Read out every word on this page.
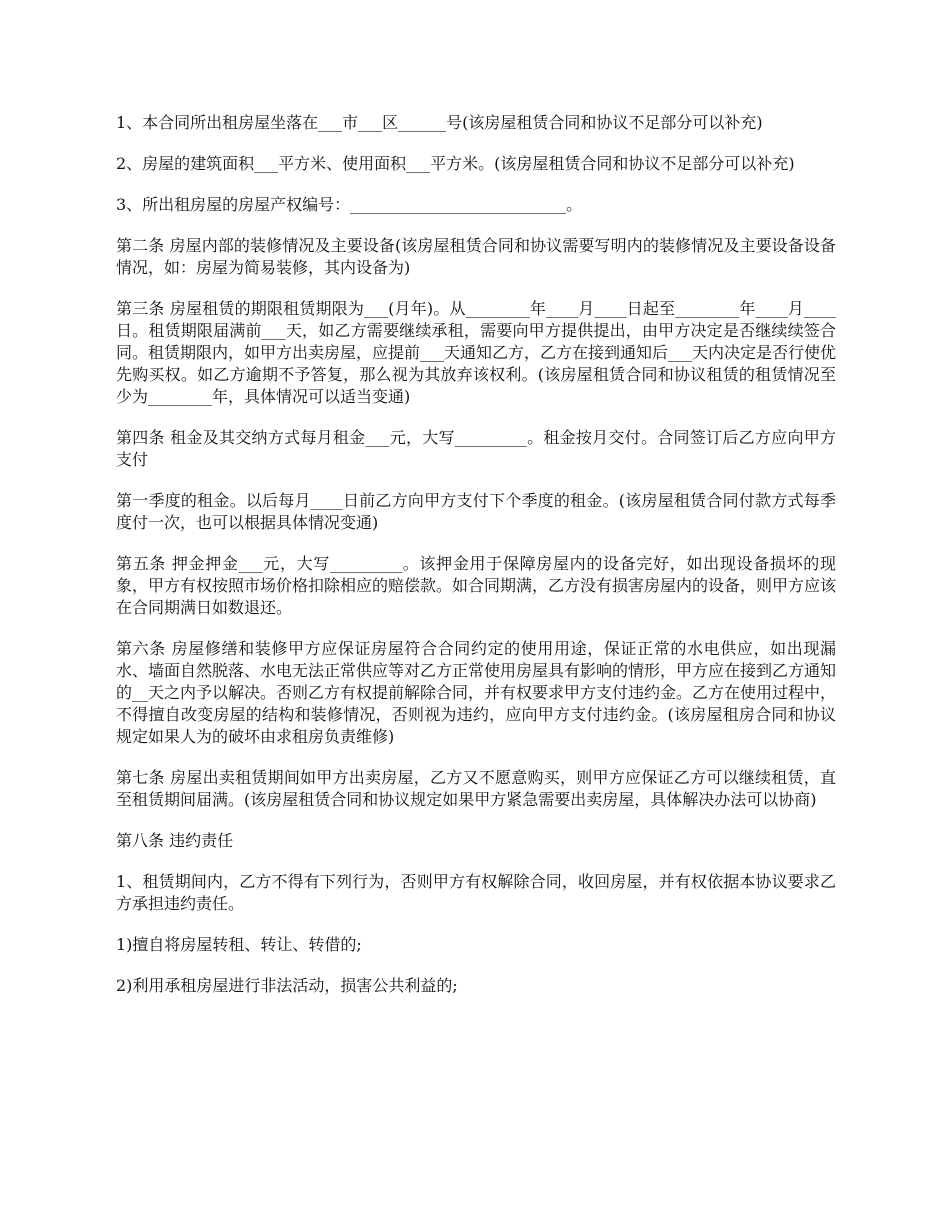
1、本合同所出租房屋坐落在___市___区______号(该房屋租赁合同和协议不足部分可以补充)

2、房屋的建筑面积___平方米、使用面积___平方米。(该房屋租赁合同和协议不足部分可以补充)

3、所出租房屋的房屋产权编号：___________________________。

第二条 房屋内部的装修情况及主要设备(该房屋租赁合同和协议需要写明内的装修情况及主要设备设备情况，如：房屋为简易装修，其内设备为)

第三条 房屋租赁的期限租赁期限为___(月年)。从________年____月____日起至________年____月____日。租赁期限届满前___天，如乙方需要继续承租，需要向甲方提供提出，由甲方决定是否继续续签合同。租赁期限内，如甲方出卖房屋，应提前___天通知乙方，乙方在接到通知后___天内决定是否行使优先购买权。如乙方逾期不予答复，那么视为其放弃该权利。(该房屋租赁合同和协议租赁的租赁情况至少为________年，具体情况可以适当变通)

第四条 租金及其交纳方式每月租金___元，大写_________。租金按月交付。合同签订后乙方应向甲方支付

第一季度的租金。以后每月____日前乙方向甲方支付下个季度的租金。(该房屋租赁合同付款方式每季度付一次，也可以根据具体情况变通)

第五条 押金押金___元，大写_________。该押金用于保障房屋内的设备完好，如出现设备损坏的现象，甲方有权按照市场价格扣除相应的赔偿款。如合同期满，乙方没有损害房屋内的设备，则甲方应该在合同期满日如数退还。

第六条 房屋修缮和装修甲方应保证房屋符合合同约定的使用用途，保证正常的水电供应，如出现漏水、墙面自然脱落、水电无法正常供应等对乙方正常使用房屋具有影响的情形，甲方应在接到乙方通知的__天之内予以解决。否则乙方有权提前解除合同，并有权要求甲方支付违约金。乙方在使用过程中，不得擅自改变房屋的结构和装修情况，否则视为违约，应向甲方支付违约金。(该房屋租房合同和协议规定如果人为的破坏由求租房负责维修)

第七条 房屋出卖租赁期间如甲方出卖房屋，乙方又不愿意购买，则甲方应保证乙方可以继续租赁，直至租赁期间届满。(该房屋租赁合同和协议规定如果甲方紧急需要出卖房屋，具体解决办法可以协商)

第八条 违约责任

1、租赁期间内，乙方不得有下列行为，否则甲方有权解除合同，收回房屋，并有权依据本协议要求乙方承担违约责任。

1)擅自将房屋转租、转让、转借的;

2)利用承租房屋进行非法活动，损害公共利益的;
